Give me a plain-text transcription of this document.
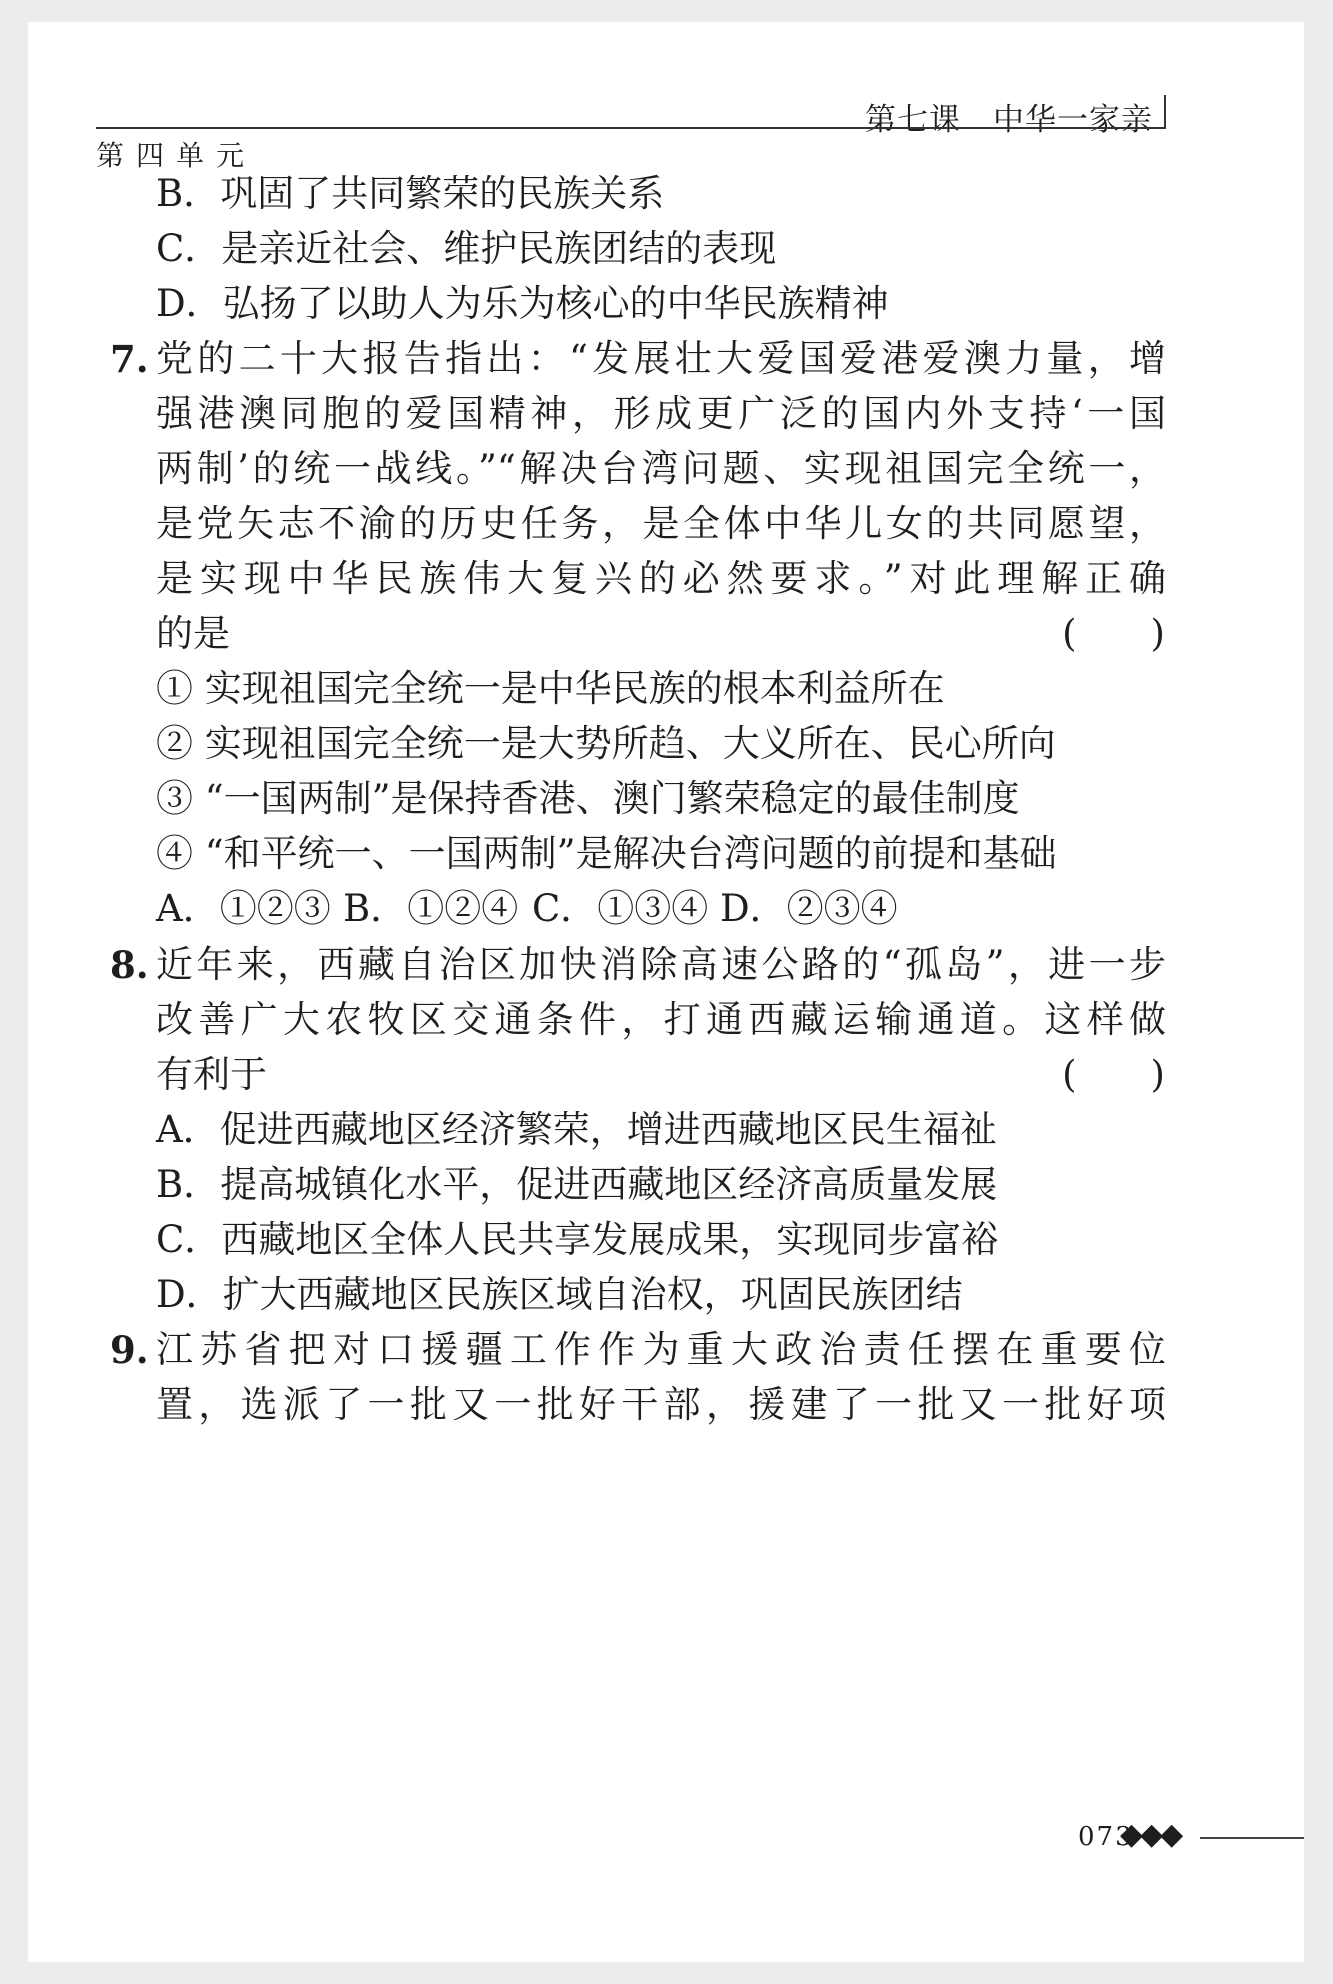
第七课　中华一家亲
第四单元
B．巩固了共同繁荣的民族关系
C．是亲近社会、维护民族团结的表现
D．弘扬了以助人为乐为核心的中华民族精神
7. 党的二十大报告指出：“发展壮大爱国爱港爱澳力量，增
强港澳同胞的爱国精神，形成更广泛的国内外支持‘一国
两制’的统一战线。”“解决台湾问题、实现祖国完全统一，
是党矢志不渝的历史任务，是全体中华儿女的共同愿望，
是实现中华民族伟大复兴的必然要求。”对此理解正确
的是	(　　)
① 实现祖国完全统一是中华民族的根本利益所在
② 实现祖国完全统一是大势所趋、大义所在、民心所向
③ “一国两制”是保持香港、澳门繁荣稳定的最佳制度
④ “和平统一、一国两制”是解决台湾问题的前提和基础
A．①②③ B．①②④ C．①③④ D．②③④
8. 近年来，西藏自治区加快消除高速公路的“孤岛”，进一步
改善广大农牧区交通条件，打通西藏运输通道。这样做
有利于	(　　)
A．促进西藏地区经济繁荣，增进西藏地区民生福祉
B．提高城镇化水平，促进西藏地区经济高质量发展
C．西藏地区全体人民共享发展成果，实现同步富裕
D．扩大西藏地区民族区域自治权，巩固民族团结
9. 江苏省把对口援疆工作作为重大政治责任摆在重要位
置，选派了一批又一批好干部，援建了一批又一批好项
073
◆◆◆
